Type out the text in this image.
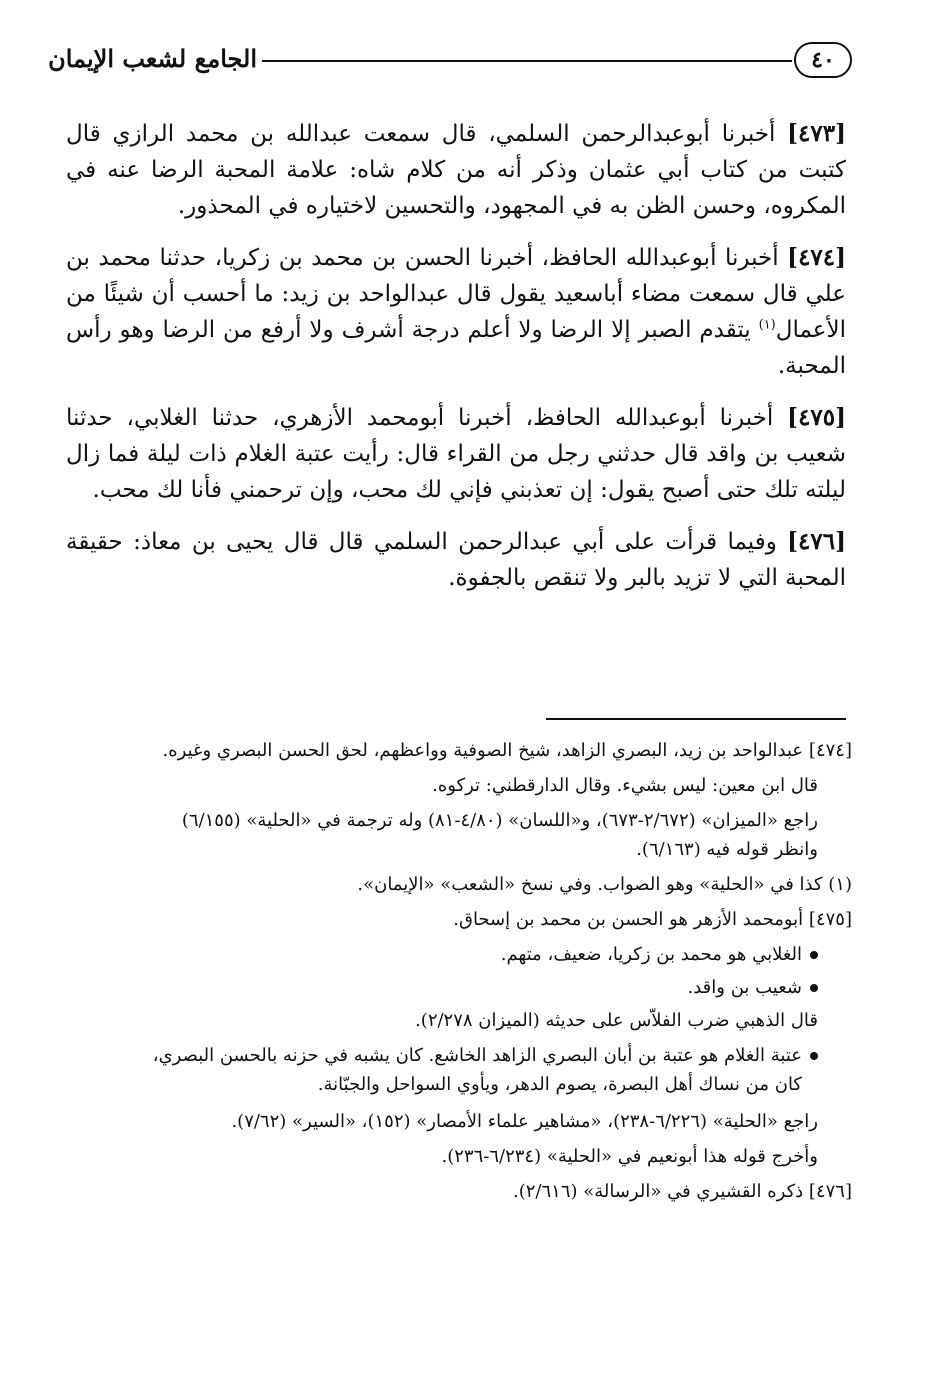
٤٠
الجامع لشعب الإيمان

[٤٧٣] أخبرنا أبوعبدالرحمن السلمي، قال سمعت عبدالله بن محمد الرازي قال كتبت من كتاب أبي عثمان وذكر أنه من كلام شاه: علامة المحبة الرضا عنه في المكروه، وحسن الظن به في المجهود، والتحسين لاختياره في المحذور.

[٤٧٤] أخبرنا أبوعبدالله الحافظ، أخبرنا الحسن بن محمد بن زكريا، حدثنا محمد بن علي قال سمعت مضاء أباسعيد يقول قال عبدالواحد بن زيد: ما أحسب أن شيئًا من الأعمال$^{(١)}$ يتقدم الصبر إلا الرضا ولا أعلم درجة أشرف ولا أرفع من الرضا وهو رأس المحبة.

[٤٧٥] أخبرنا أبوعبدالله الحافظ، أخبرنا أبومحمد الأزهري، حدثنا الغلابي، حدثنا شعيب بن واقد قال حدثني رجل من القراء قال: رأيت عتبة الغلام ذات ليلة فما زال ليلته تلك حتى أصبح يقول: إن تعذبني فإني لك محب، وإن ترحمني فأنا لك محب.

[٤٧٦] وفيما قرأت على أبي عبدالرحمن السلمي قال قال يحيى بن معاذ: حقيقة المحبة التي لا تزيد بالبر ولا تنقص بالجفوة.

[٤٧٤] عبدالواحد بن زيد، البصري الزاهد، شيخ الصوفية وواعظهم، لحق الحسن البصري وغيره.

قال ابن معين: ليس بشيء. وقال الدارقطني: تركوه.

راجع «الميزان» (٢/٦٧٢-٦٧٣)، و«اللسان» (٤/٨٠-٨١) وله ترجمة في «الحلية» (٦/١٥٥)

وانظر قوله فيه (٦/١٦٣).

(١) كذا في «الحلية» وهو الصواب. وفي نسخ «الشعب» «الإيمان».

[٤٧٥] أبومحمد الأزهر هو الحسن بن محمد بن إسحاق.

الغلابي هو محمد بن زكريا، ضعيف، متهم.

شعيب بن واقد.

قال الذهبي ضرب الفلاّس على حديثه (الميزان ٢/٢٧٨).

عتبة الغلام هو عتبة بن أبان البصري الزاهد الخاشع. كان يشبه في حزنه بالحسن البصري،
كان من نساك أهل البصرة، يصوم الدهر، ويأوي السواحل والجبّانة.

راجع «الحلية» (٦/٢٢٦-٢٣٨)، «مشاهير علماء الأمصار» (١٥٢)، «السير» (٧/٦٢).

وأخرج قوله هذا أبونعيم في «الحلية» (٦/٢٣٤-٢٣٦).

[٤٧٦] ذكره القشيري في «الرسالة» (٢/٦١٦).
